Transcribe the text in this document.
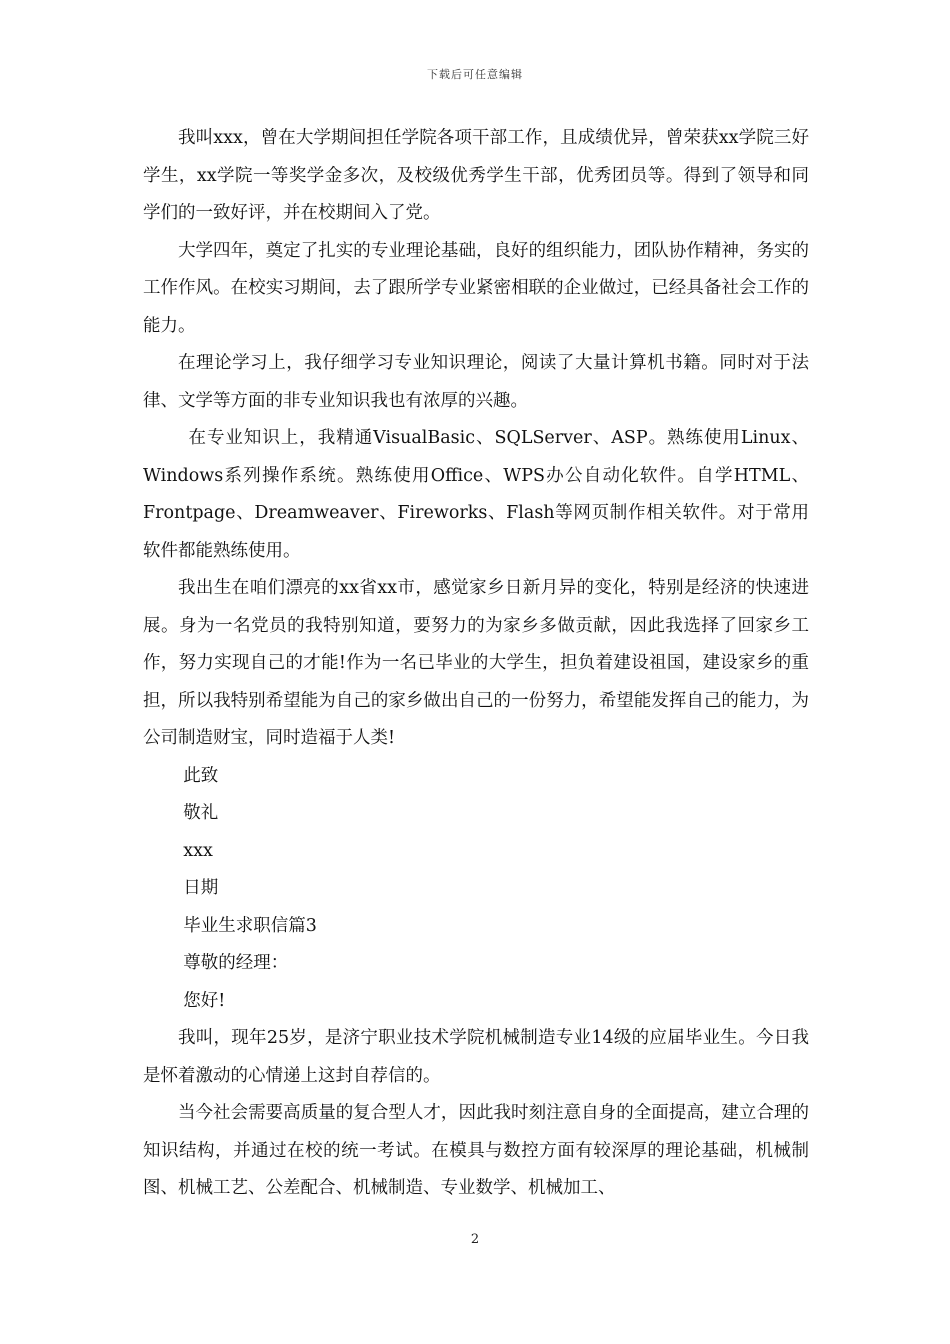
下载后可任意编辑

我叫xxx，曾在大学期间担任学院各项干部工作，且成绩优异，曾荣获xx学院三好学生，xx学院一等奖学金多次，及校级优秀学生干部，优秀团员等。得到了领导和同学们的一致好评，并在校期间入了党。

大学四年，奠定了扎实的专业理论基础，良好的组织能力，团队协作精神，务实的工作作风。在校实习期间，去了跟所学专业紧密相联的企业做过，已经具备社会工作的能力。

在理论学习上，我仔细学习专业知识理论，阅读了大量计算机书籍。同时对于法律、文学等方面的非专业知识我也有浓厚的兴趣。

在专业知识上，我精通VisualBasic、SQLServer、ASP。熟练使用Linux、Windows系列操作系统。熟练使用Office、WPS办公自动化软件。自学HTML、Frontpage、Dreamweaver、Fireworks、Flash等网页制作相关软件。对于常用软件都能熟练使用。

我出生在咱们漂亮的xx省xx市，感觉家乡日新月异的变化，特别是经济的快速进展。身为一名党员的我特别知道，要努力的为家乡多做贡献，因此我选择了回家乡工作，努力实现自己的才能!作为一名已毕业的大学生，担负着建设祖国，建设家乡的重担，所以我特别希望能为自己的家乡做出自己的一份努力，希望能发挥自己的能力，为公司制造财宝，同时造福于人类!

此致

敬礼

xxx

日期

毕业生求职信篇3

尊敬的经理：

您好!

我叫，现年25岁，是济宁职业技术学院机械制造专业14级的应届毕业生。今日我是怀着激动的心情递上这封自荐信的。

当今社会需要高质量的复合型人才，因此我时刻注意自身的全面提高，建立合理的知识结构，并通过在校的统一考试。在模具与数控方面有较深厚的理论基础，机械制图、机械工艺、公差配合、机械制造、专业数学、机械加工、

2
